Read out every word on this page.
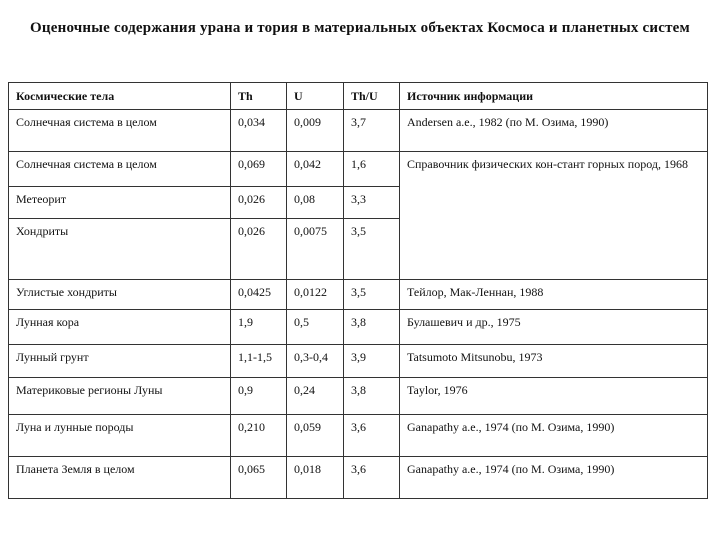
Оценочные содержания урана и тория в материальных объектах Космоса и планетных систем
Космические тела	Th	U	Th/U	Источник информации
Солнечная система в целом	0,034	0,009	3,7	Andersen a.e., 1982 (по М. Озима, 1990)
Солнечная система в целом	0,069	0,042	1,6	Справочник физических кон-стант горных пород, 1968
Метеорит	0,026	0,08	3,3	
Хондриты	0,026	0,0075	3,5	
Углистые хондриты	0,0425	0,0122	3,5	Тейлор, Мак-Леннан, 1988
Лунная кора	1,9	0,5	3,8	Булашевич и др., 1975
Лунный грунт	1,1-1,5	0,3-0,4	3,9	Tatsumoto Mitsunobu, 1973
Материковые регионы Луны	0,9	0,24	3,8	Taylor, 1976
Луна и лунные породы	0,210	0,059	3,6	Ganapathy a.e., 1974 (по М. Озима, 1990)
Планета Земля в целом	0,065	0,018	3,6	Ganapathy a.e., 1974 (по М. Озима, 1990)
